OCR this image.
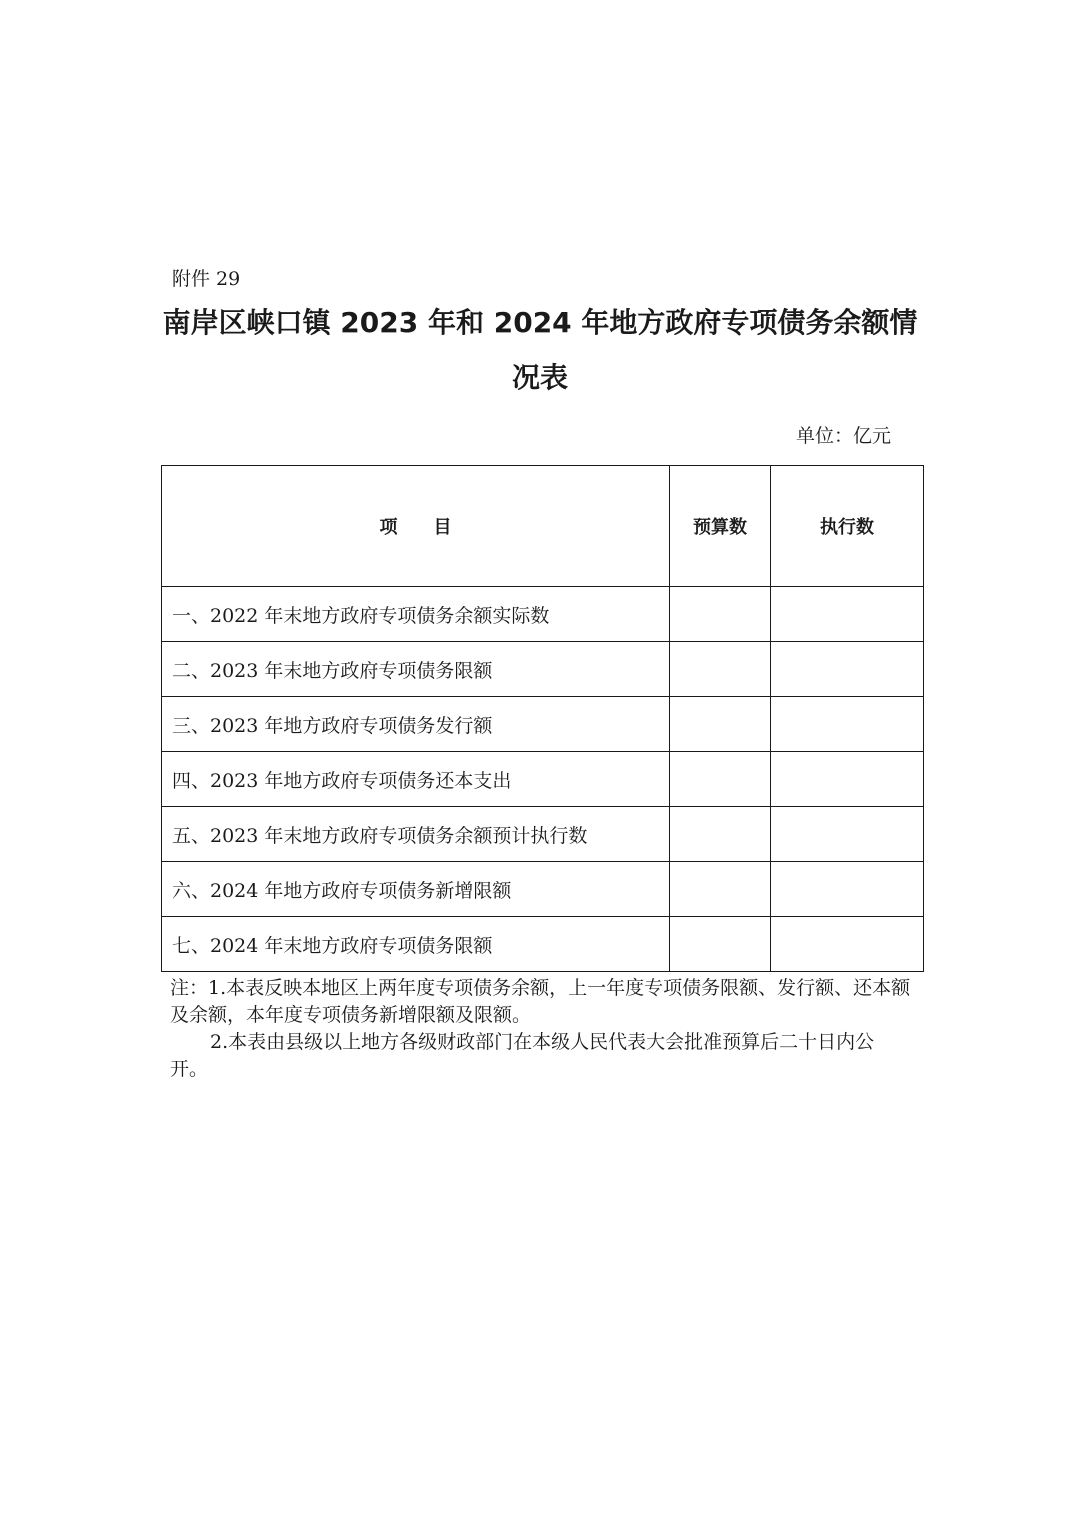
附件 29
南岸区峡口镇 2023 年和 2024 年地方政府专项债务余额情
况表
单位：亿元
项　　目	预算数	执行数
一、2022 年末地方政府专项债务余额实际数		
二、2023 年末地方政府专项债务限额		
三、2023 年地方政府专项债务发行额		
四、2023 年地方政府专项债务还本支出		
五、2023 年末地方政府专项债务余额预计执行数		
六、2024 年地方政府专项债务新增限额		
七、2024 年末地方政府专项债务限额		

注：1.本表反映本地区上两年度专项债务余额，上一年度专项债务限额、发行额、还本额及余额，本年度专项债务新增限额及限额。

2.本表由县级以上地方各级财政部门在本级人民代表大会批准预算后二十日内公开。
